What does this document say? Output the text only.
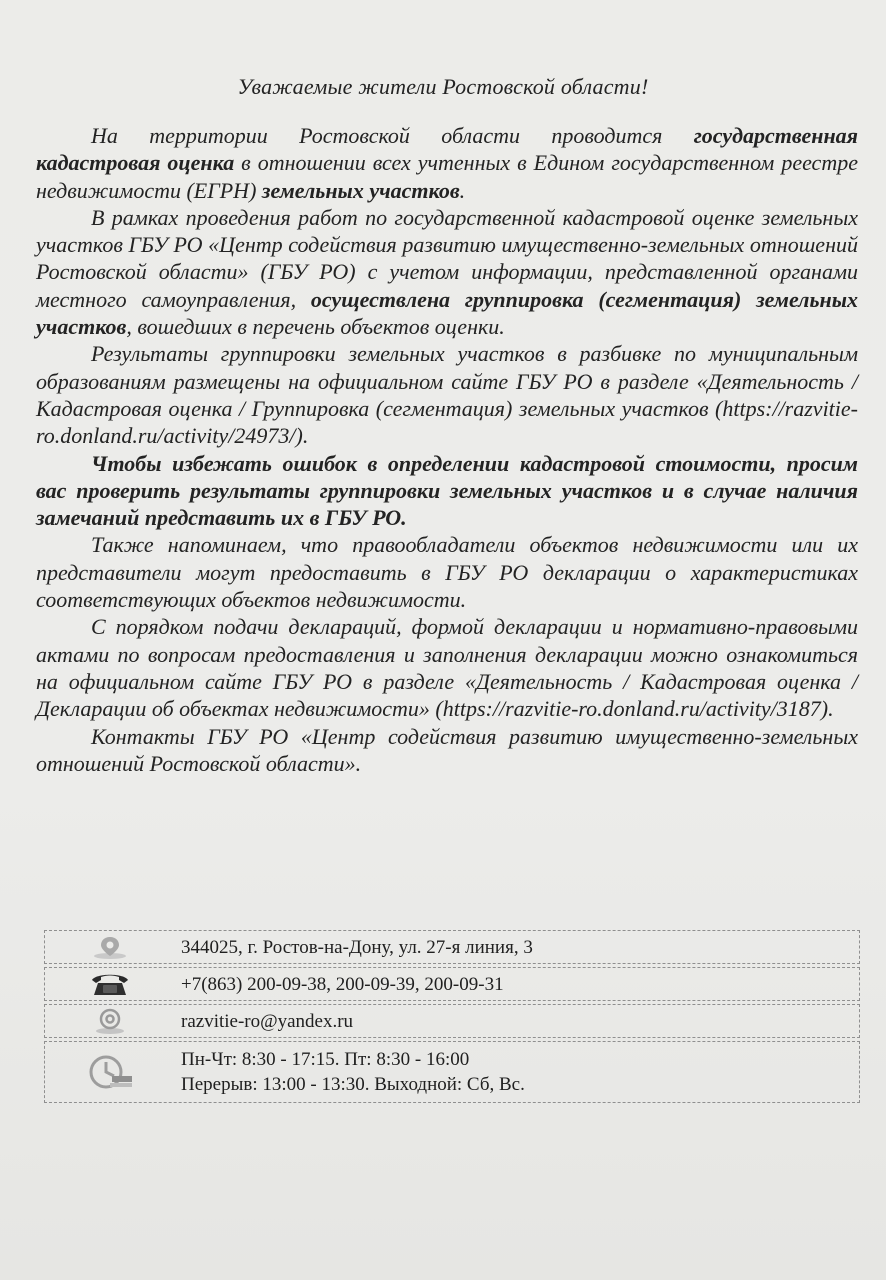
Уважаемые жители Ростовской области!

На территории Ростовской области проводится государственная кадастровая оценка в отношении всех учтенных в Едином государственном реестре недвижимости (ЕГРН) земельных участков.

В рамках проведения работ по государственной кадастровой оценке земельных участков ГБУ РО «Центр содействия развитию имущественно-земельных отношений Ростовской области» (ГБУ РО) с учетом информации, представленной органами местного самоуправления, осуществлена группировка (сегментация) земельных участков, вошедших в перечень объектов оценки.

Результаты группировки земельных участков в разбивке по муниципальным образованиям размещены на официальном сайте ГБУ РО в разделе «Деятельность / Кадастровая оценка / Группировка (сегментация) земельных участков (https://razvitie-ro.donland.ru/activity/24973/).

Чтобы избежать ошибок в определении кадастровой стоимости, просим вас проверить результаты группировки земельных участков и в случае наличия замечаний представить их в ГБУ РО.

Также напоминаем, что правообладатели объектов недвижимости или их представители могут предоставить в ГБУ РО декларации о характеристиках соответствующих объектов недвижимости.

С порядком подачи деклараций, формой декларации и нормативно-правовыми актами по вопросам предоставления и заполнения декларации можно ознакомиться на официальном сайте ГБУ РО в разделе «Деятельность / Кадастровая оценка / Декларации об объектах недвижимости» (https://razvitie-ro.donland.ru/activity/3187).

Контакты ГБУ РО «Центр содействия развитию имущественно-земельных отношений Ростовской области».

344025, г. Ростов-на-Дону, ул. 27-я линия, 3
+7(863) 200-09-38, 200-09-39, 200-09-31
razvitie-ro@yandex.ru
Пн-Чт: 8:30 - 17:15. Пт: 8:30 - 16:00
Перерыв: 13:00 - 13:30. Выходной: Сб, Вс.
